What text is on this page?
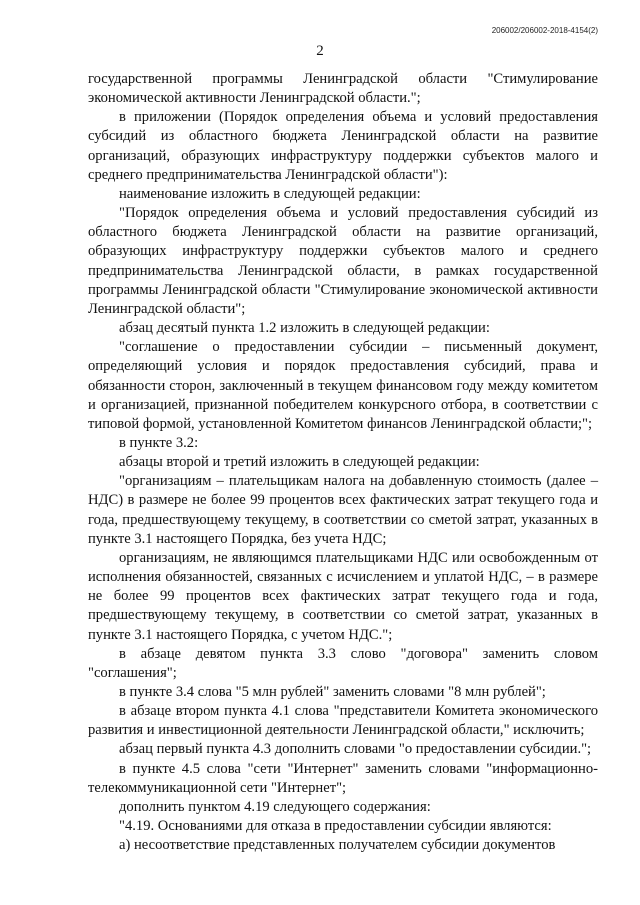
206002/206002-2018-4154(2)
2

государственной программы Ленинградской области "Стимулирование экономической активности Ленинградской области.";

в приложении (Порядок определения объема и условий предоставления субсидий из областного бюджета Ленинградской области на развитие организаций, образующих инфраструктуру поддержки субъектов малого и среднего предпринимательства Ленинградской области"):

наименование изложить в следующей редакции:

"Порядок определения объема и условий предоставления субсидий из областного бюджета Ленинградской области на развитие организаций, образующих инфраструктуру поддержки субъектов малого и среднего предпринимательства Ленинградской области, в рамках государственной программы Ленинградской области "Стимулирование экономической активности Ленинградской области";

абзац десятый пункта 1.2 изложить в следующей редакции:

"соглашение о предоставлении субсидии – письменный документ, определяющий условия и порядок предоставления субсидий, права и обязанности сторон, заключенный в текущем финансовом году между комитетом и организацией, признанной победителем конкурсного отбора, в соответствии с типовой формой, установленной Комитетом финансов Ленинградской области;";

в пункте 3.2:

абзацы второй и третий изложить в следующей редакции:

"организациям – плательщикам налога на добавленную стоимость (далее – НДС) в размере не более 99 процентов всех фактических затрат текущего года и года, предшествующему текущему, в соответствии со сметой затрат, указанных в пункте 3.1 настоящего Порядка, без учета НДС;

организациям, не являющимся плательщиками НДС или освобожденным от исполнения обязанностей, связанных с исчислением и уплатой НДС, – в размере не более 99 процентов всех фактических затрат текущего года и года, предшествующему текущему, в соответствии со сметой затрат, указанных в пункте 3.1 настоящего Порядка, с учетом НДС.";

в абзаце девятом пункта 3.3 слово "договора" заменить словом "соглашения";

в пункте 3.4 слова "5 млн рублей" заменить словами "8 млн рублей";

в абзаце втором пункта 4.1 слова "представители Комитета экономического развития и инвестиционной деятельности Ленинградской области," исключить;

абзац первый пункта 4.3 дополнить словами "о предоставлении субсидии.";

в пункте 4.5 слова "сети "Интернет" заменить словами "информационно-телекоммуникационной сети "Интернет";

дополнить пунктом 4.19 следующего содержания:

"4.19. Основаниями для отказа в предоставлении субсидии являются:

а) несоответствие представленных получателем субсидии документов
